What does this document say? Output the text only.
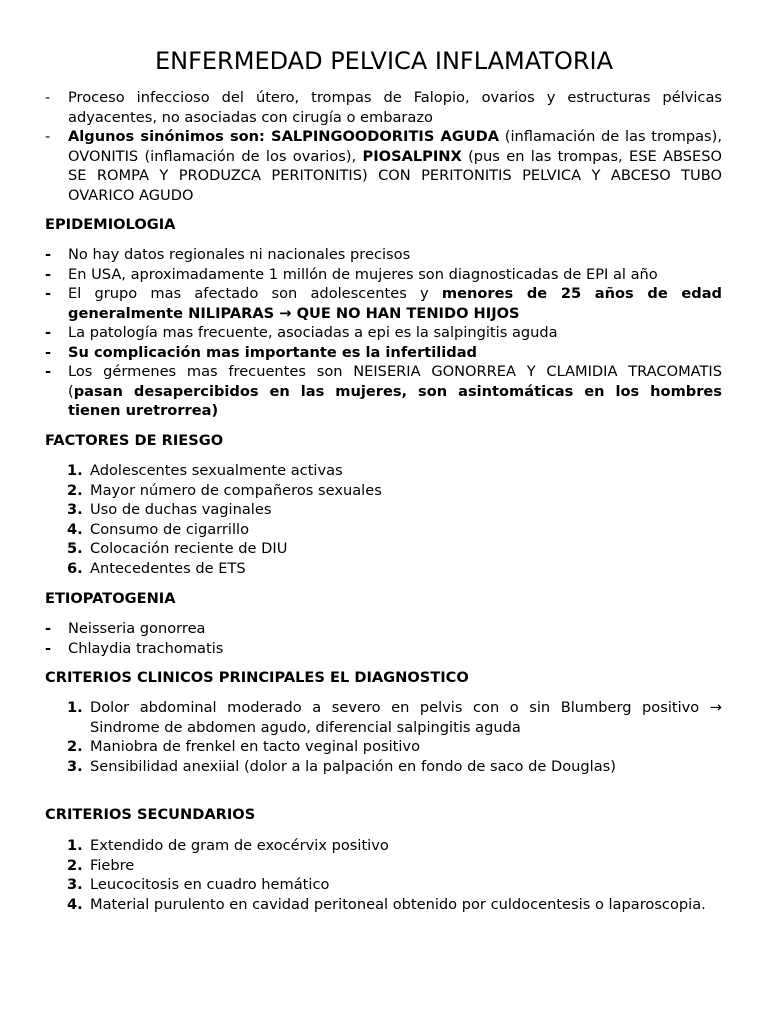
ENFERMEDAD PELVICA INFLAMATORIA
- Proceso infeccioso del útero, trompas de Falopio, ovarios y estructuras pélvicas adyacentes, no asociadas con cirugía o embarazo
- Algunos sinónimos son: SALPINGOODORITIS AGUDA (inflamación de las trompas), OVONITIS (inflamación de los ovarios), PIOSALPINX (pus en las trompas, ESE ABSESO SE ROMPA Y PRODUZCA PERITONITIS) CON PERITONITIS PELVICA Y ABCESO TUBO OVARICO AGUDO

EPIDEMIOLOGIA

- No hay datos regionales ni nacionales precisos
- En USA, aproximadamente 1 millón de mujeres son diagnosticadas de EPI al año
- El grupo mas afectado son adolescentes y menores de 25 años de edad generalmente NILIPARAS → QUE NO HAN TENIDO HIJOS
- La patología mas frecuente, asociadas a epi es la salpingitis aguda
- Su complicación mas importante es la infertilidad
- Los gérmenes mas frecuentes son NEISERIA GONORREA Y CLAMIDIA TRACOMATIS (pasan desapercibidos en las mujeres, son asintomáticas en los hombres tienen uretrorrea)

FACTORES DE RIESGO

1. Adolescentes sexualmente activas
2. Mayor número de compañeros sexuales
3. Uso de duchas vaginales
4. Consumo de cigarrillo
5. Colocación reciente de DIU
6. Antecedentes de ETS

ETIOPATOGENIA

- Neisseria gonorrea
- Chlaydia trachomatis

CRITERIOS CLINICOS PRINCIPALES EL DIAGNOSTICO

1. Dolor abdominal moderado a severo en pelvis con o sin Blumberg positivo → Sindrome de abdomen agudo, diferencial salpingitis aguda
2. Maniobra de frenkel en tacto veginal positivo
3. Sensibilidad anexiial (dolor a la palpación en fondo de saco de Douglas)

CRITERIOS SECUNDARIOS

1. Extendido de gram de exocérvix positivo
2. Fiebre
3. Leucocitosis en cuadro hemático
4. Material purulento en cavidad peritoneal obtenido por culdocentesis o laparoscopia.
